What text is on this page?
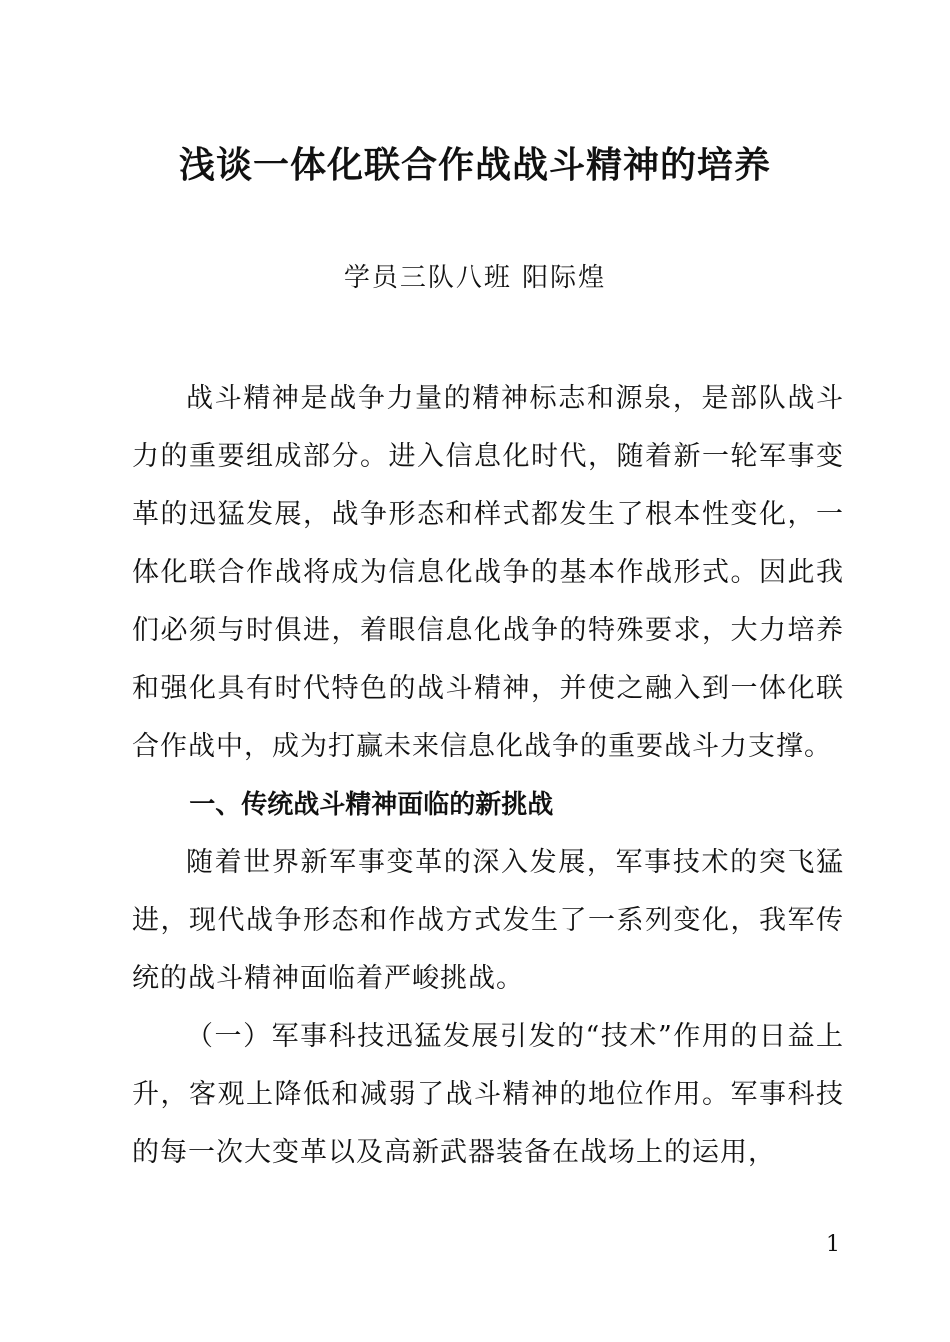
浅谈一体化联合作战战斗精神的培养

学员三队八班 阳际煌

战斗精神是战争力量的精神标志和源泉，是部队战斗力的重要组成部分。进入信息化时代，随着新一轮军事变革的迅猛发展，战争形态和样式都发生了根本性变化，一体化联合作战将成为信息化战争的基本作战形式。因此我们必须与时俱进，着眼信息化战争的特殊要求，大力培养和强化具有时代特色的战斗精神，并使之融入到一体化联合作战中，成为打赢未来信息化战争的重要战斗力支撑。

一、传统战斗精神面临的新挑战

随着世界新军事变革的深入发展，军事技术的突飞猛进，现代战争形态和作战方式发生了一系列变化，我军传统的战斗精神面临着严峻挑战。

（一）军事科技迅猛发展引发的“技术”作用的日益上升，客观上降低和减弱了战斗精神的地位作用。军事科技的每一次大变革以及高新武器装备在战场上的运用，

1
